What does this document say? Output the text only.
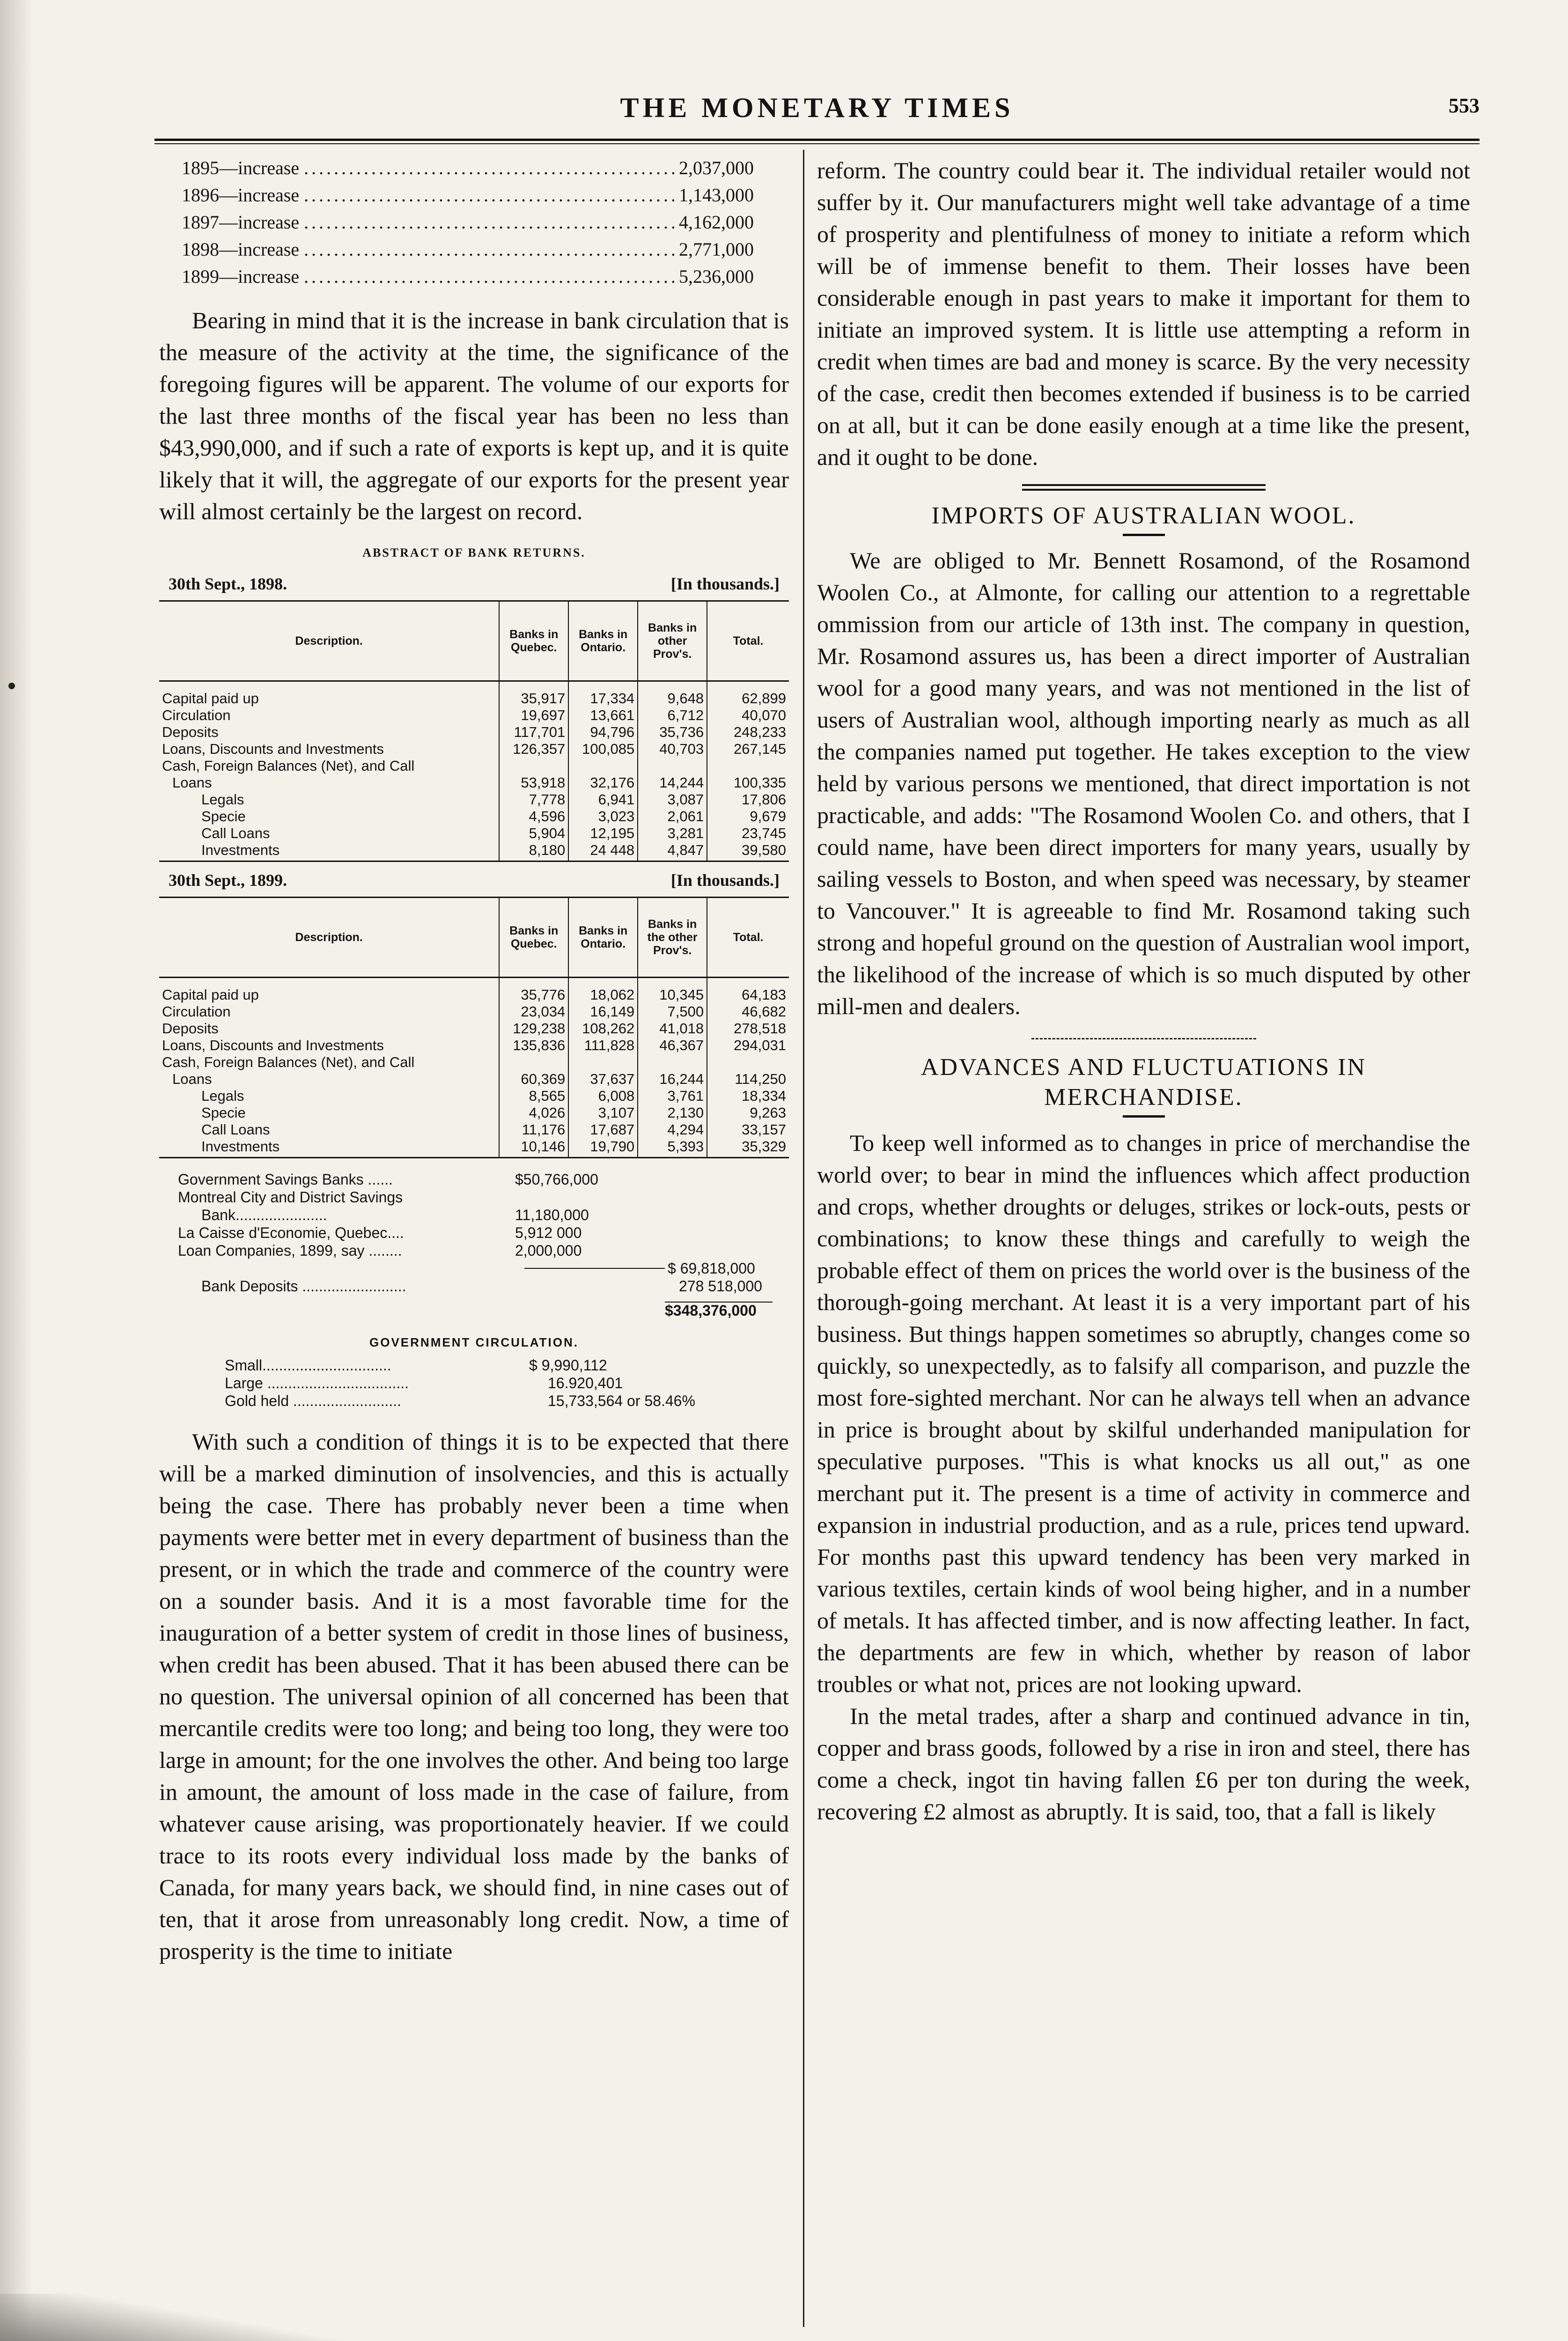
THE MONETARY TIMES	553
1895—increase .....	2,037,000
1896—increase .....	1,143,000
1897—increase .....	4,162,000
1898—increase .....	2,771,000
1899—increase .....	5,236,000

Bearing in mind that it is the increase in bank circulation that is the measure of the activity at the time, the significance of the foregoing figures will be apparent. The volume of our exports for the last three months of the fiscal year has been no less than $43,990,000, and if such a rate of exports is kept up, and it is quite likely that it will, the aggregate of our exports for the present year will almost certainly be the largest on record.

ABSTRACT OF BANK RETURNS.
30th Sept., 1898.	[In thousands.]
Description.	Banks in Quebec.	Banks in Ontario.	Banks in other Prov's.	Total.
Capital paid up	35,917	17,334	9,648	62,899
Circulation	19,697	13,661	6,712	40,070
Deposits	117,701	94,796	35,736	248,233
Loans, Discounts and Investments	126,357	100,085	40,703	267,145
Cash, Foreign Balances (Net), and Call				
Loans	53,918	32,176	14,244	100,335
Legals	7,778	6,941	3,087	17,806
Specie	4,596	3,023	2,061	9,679
Call Loans	5,904	12,195	3,281	23,745
Investments	8,180	24 448	4,847	39,580
30th Sept., 1899.	[In thousands.]
Description.	Banks in Quebec.	Banks in Ontario.	Banks in the other Prov's.	Total.
Capital paid up	35,776	18,062	10,345	64,183
Circulation	23,034	16,149	7,500	46,682
Deposits	129,238	108,262	41,018	278,518
Loans, Discounts and Investments	135,836	111,828	46,367	294,031
Cash, Foreign Balances (Net), and Call				
Loans	60,369	37,637	16,244	114,250
Legals	8,565	6,008	3,761	18,334
Specie	4,026	3,107	2,130	9,263
Call Loans	11,176	17,687	4,294	33,157
Investments	10,146	19,790	5,393	35,329
Government Savings Banks ......	$50,766,000
Montreal City and District Savings
Bank......................	11,180,000
La Caisse d'Economie, Quebec....	5,912 000
Loan Companies, 1899, say ........	2,000,000
$ 69,818,000
Bank Deposits .........................	278 518,000
$348,376,000
GOVERNMENT CIRCULATION.
Small...............................	$ 9,990,112
Large ..................................	16.920,401
Gold held ..........................	15,733,564 or 58.46%

With such a condition of things it is to be expected that there will be a marked diminution of insolvencies, and this is actually being the case. There has probably never been a time when payments were better met in every department of business than the present, or in which the trade and commerce of the country were on a sounder basis. And it is a most favorable time for the inauguration of a better system of credit in those lines of business, when credit has been abused. That it has been abused there can be no question. The universal opinion of all concerned has been that mercantile credits were too long; and being too long, they were too large in amount; for the one involves the other. And being too large in amount, the amount of loss made in the case of failure, from whatever cause arising, was proportionately heavier. If we could trace to its roots every individual loss made by the banks of Canada, for many years back, we should find, in nine cases out of ten, that it arose from unreasonably long credit. Now, a time of prosperity is the time to initiate

reform. The country could bear it. The individual retailer would not suffer by it. Our manufacturers might well take advantage of a time of prosperity and plentifulness of money to initiate a reform which will be of immense benefit to them. Their losses have been considerable enough in past years to make it important for them to initiate an improved system. It is little use attempting a reform in credit when times are bad and money is scarce. By the very necessity of the case, credit then becomes extended if business is to be carried on at all, but it can be done easily enough at a time like the present, and it ought to be done.

IMPORTS OF AUSTRALIAN WOOL.

We are obliged to Mr. Bennett Rosamond, of the Rosamond Woolen Co., at Almonte, for calling our attention to a regrettable ommission from our article of 13th inst. The company in question, Mr. Rosamond assures us, has been a direct importer of Australian wool for a good many years, and was not mentioned in the list of users of Australian wool, although importing nearly as much as all the companies named put together. He takes exception to the view held by various persons we mentioned, that direct importation is not practicable, and adds: "The Rosamond Woolen Co. and others, that I could name, have been direct importers for many years, usually by sailing vessels to Boston, and when speed was necessary, by steamer to Vancouver." It is agreeable to find Mr. Rosamond taking such strong and hopeful ground on the question of Australian wool import, the likelihood of the increase of which is so much disputed by other mill-men and dealers.

ADVANCES AND FLUCTUATIONS IN MERCHANDISE.

To keep well informed as to changes in price of merchandise the world over; to bear in mind the influences which affect production and crops, whether droughts or deluges, strikes or lock-outs, pests or combinations; to know these things and carefully to weigh the probable effect of them on prices the world over is the business of the thorough-going merchant. At least it is a very important part of his business. But things happen sometimes so abruptly, changes come so quickly, so unexpectedly, as to falsify all comparison, and puzzle the most fore-sighted merchant. Nor can he always tell when an advance in price is brought about by skilful underhanded manipulation for speculative purposes. "This is what knocks us all out," as one merchant put it. The present is a time of activity in commerce and expansion in industrial production, and as a rule, prices tend upward. For months past this upward tendency has been very marked in various textiles, certain kinds of wool being higher, and in a number of metals. It has affected timber, and is now affecting leather. In fact, the departments are few in which, whether by reason of labor troubles or what not, prices are not looking upward.

In the metal trades, after a sharp and continued advance in tin, copper and brass goods, followed by a rise in iron and steel, there has come a check, ingot tin having fallen £6 per ton during the week, recovering £2 almost as abruptly. It is said, too, that a fall is likely
